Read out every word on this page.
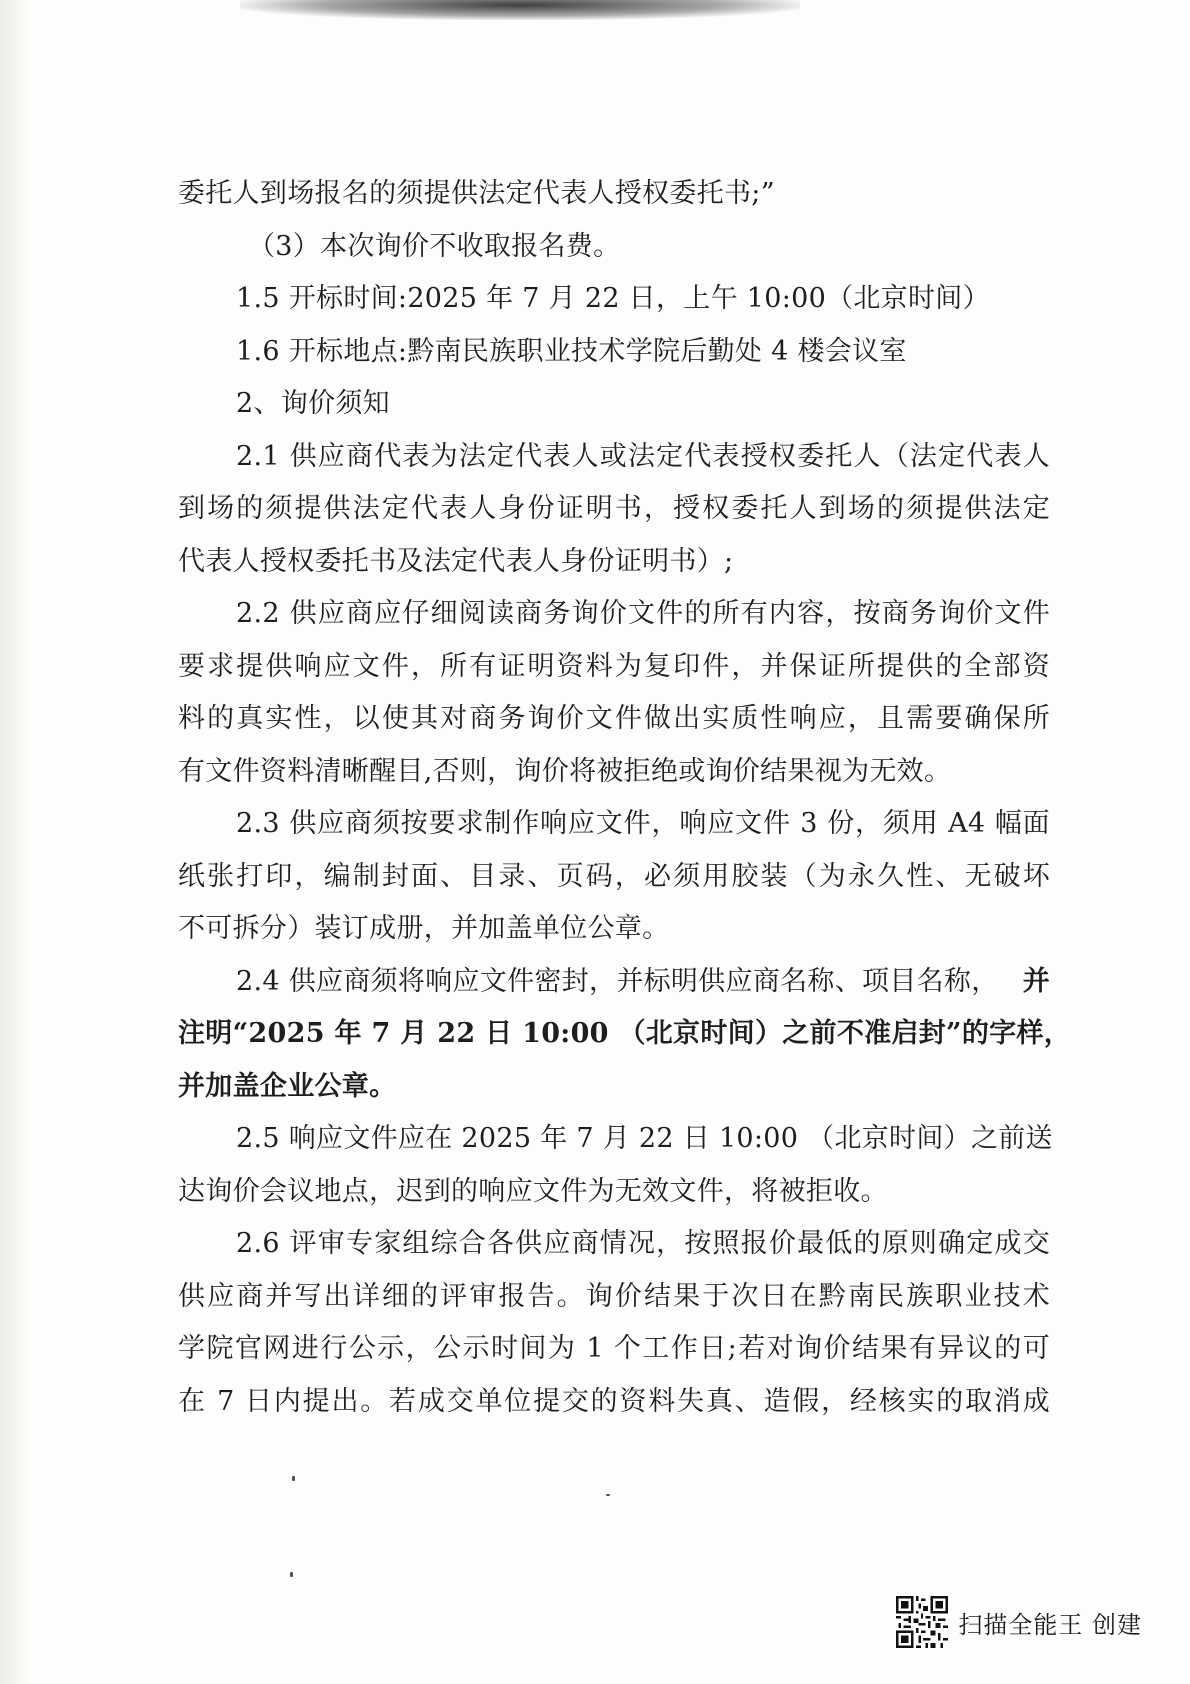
委托人到场报名的须提供法定代表人授权委托书;”
（3）本次询价不收取报名费。
1.5 开标时间:2025 年 7 月 22 日，上午 10:00（北京时间）
1.6 开标地点:黔南民族职业技术学院后勤处 4 楼会议室
2、询价须知
2.1 供应商代表为法定代表人或法定代表授权委托人（法定代表人
到场的须提供法定代表人身份证明书，授权委托人到场的须提供法定
代表人授权委托书及法定代表人身份证明书）;
2.2 供应商应仔细阅读商务询价文件的所有内容，按商务询价文件
要求提供响应文件，所有证明资料为复印件，并保证所提供的全部资
料的真实性，以使其对商务询价文件做出实质性响应，且需要确保所
有文件资料清晰醒目,否则，询价将被拒绝或询价结果视为无效。
2.3 供应商须按要求制作响应文件，响应文件 3 份，须用 A4 幅面
纸张打印，编制封面、目录、页码，必须用胶装（为永久性、无破坏
不可拆分）装订成册，并加盖单位公章。
2.4 供应商须将响应文件密封，并标明供应商名称、项目名称， 并
注明“2025 年 7 月 22 日 10:00 （北京时间）之前不准启封”的字样，
并加盖企业公章。
2.5 响应文件应在 2025 年 7 月 22 日 10:00 （北京时间）之前送
达询价会议地点，迟到的响应文件为无效文件，将被拒收。
2.6 评审专家组综合各供应商情况，按照报价最低的原则确定成交
供应商并写出详细的评审报告。询价结果于次日在黔南民族职业技术
学院官网进行公示，公示时间为 1 个工作日;若对询价结果有异议的可
在 7 日内提出。若成交单位提交的资料失真、造假，经核实的取消成
扫描全能王 创建
